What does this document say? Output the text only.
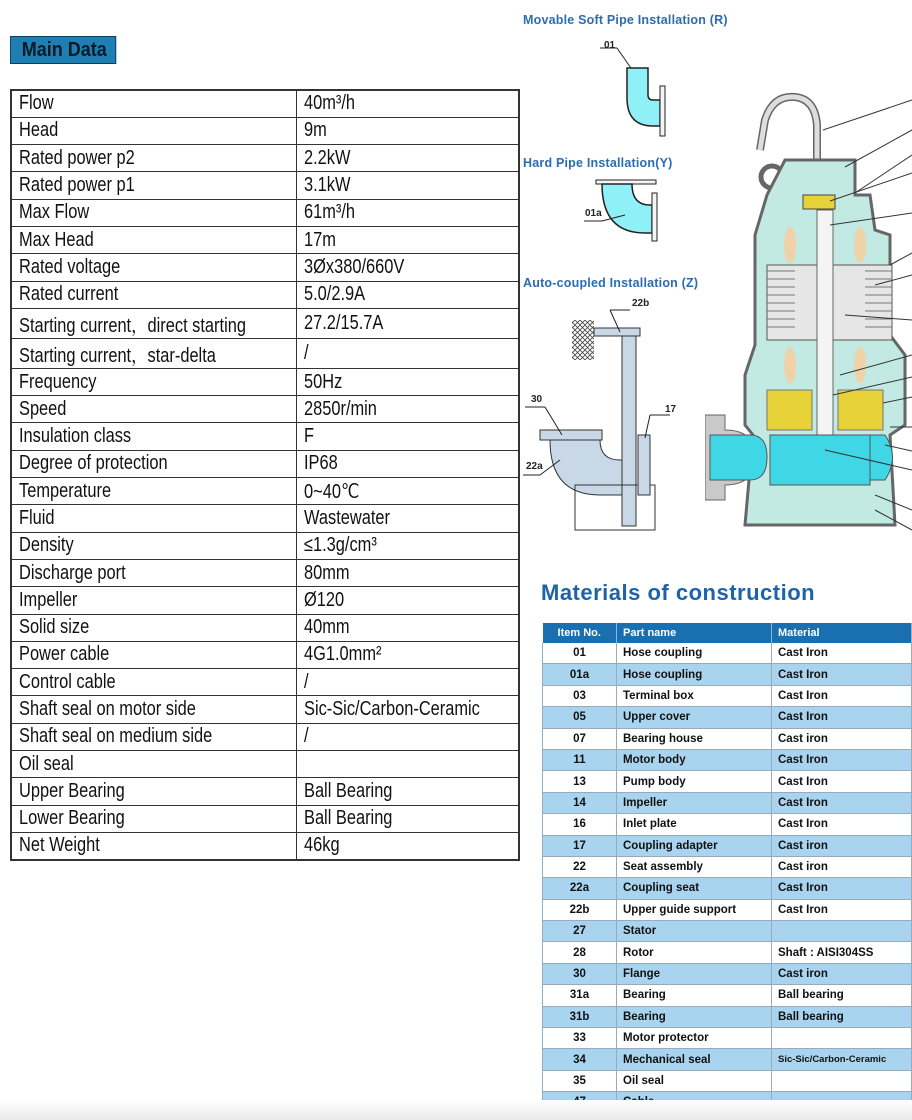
Main Data
Flow	40m³/h
Head	9m
Rated power p2	2.2kW
Rated power p1	3.1kW
Max Flow	61m³/h
Max Head	17m
Rated voltage	3Øx380/660V
Rated current	5.0/2.9A
Starting current，direct starting	27.2/15.7A
Starting current，star-delta	/
Frequency	50Hz
Speed	2850r/min
Insulation class	F
Degree of protection	IP68
Temperature	0~40℃
Fluid	Wastewater
Density	≤1.3g/cm³
Discharge port	80mm
Impeller	Ø120
Solid size	40mm
Power cable	4G1.0mm²
Control cable	/
Shaft seal on motor side	Sic-Sic/Carbon-Ceramic
Shaft seal on medium side	/
Oil seal	
Upper Bearing	Ball Bearing
Lower Bearing	Ball Bearing
Net Weight	46kg
Movable Soft Pipe Installation (R)
Hard Pipe Installation(Y)
Auto-coupled Installation (Z)
01
01a
22b
30
17
22a
Materials of construction
Item No.	Part name	Material
01	Hose coupling	Cast Iron
01a	Hose coupling	Cast Iron
03	Terminal box	Cast Iron
05	Upper cover	Cast Iron
07	Bearing house	Cast iron
11	Motor body	Cast Iron
13	Pump body	Cast Iron
14	Impeller	Cast Iron
16	Inlet plate	Cast Iron
17	Coupling adapter	Cast iron
22	Seat assembly	Cast iron
22a	Coupling seat	Cast Iron
22b	Upper guide support	Cast Iron
27	Stator	
28	Rotor	Shaft : AISI304SS
30	Flange	Cast iron
31a	Bearing	Ball bearing
31b	Bearing	Ball bearing
33	Motor protector	
34	Mechanical seal	Sic-Sic/Carbon-Ceramic
35	Oil seal	
